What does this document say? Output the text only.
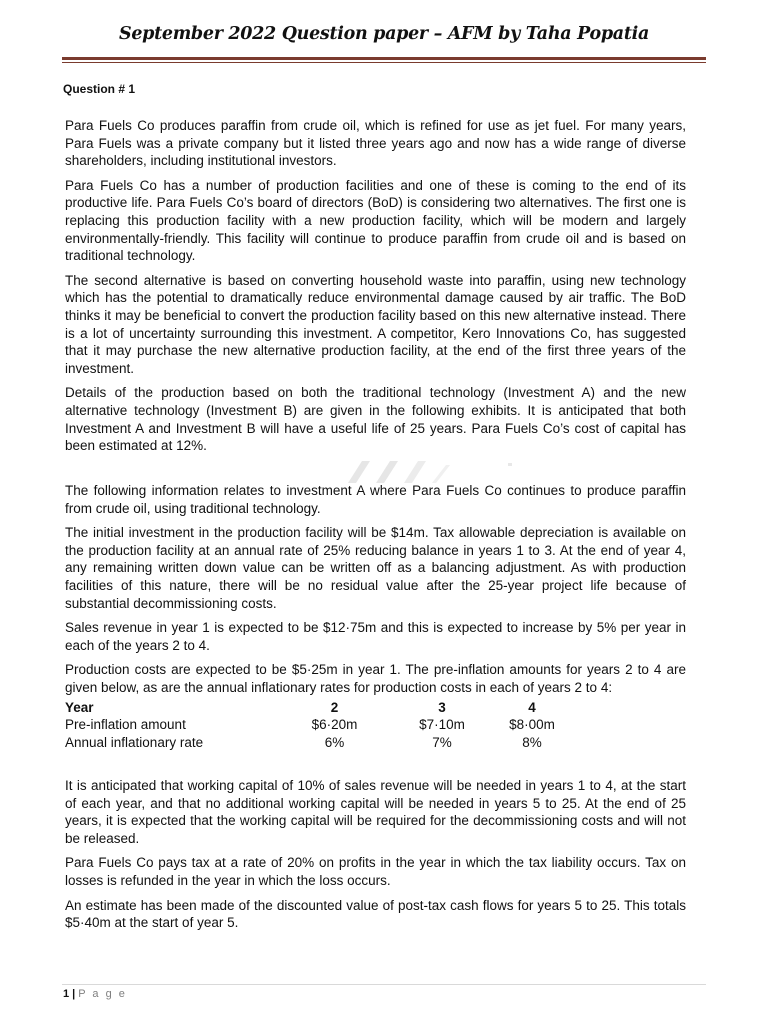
September 2022 Question paper – AFM by Taha Popatia
Question # 1

Para Fuels Co produces paraffin from crude oil, which is refined for use as jet fuel. For many years, Para Fuels was a private company but it listed three years ago and now has a wide range of diverse shareholders, including institutional investors.

Para Fuels Co has a number of production facilities and one of these is coming to the end of its productive life. Para Fuels Co’s board of directors (BoD) is considering two alternatives. The first one is replacing this production facility with a new production facility, which will be modern and largely environmentally-friendly. This facility will continue to produce paraffin from crude oil and is based on traditional technology.

The second alternative is based on converting household waste into paraffin, using new technology which has the potential to dramatically reduce environmental damage caused by air traffic. The BoD thinks it may be beneficial to convert the production facility based on this new alternative instead. There is a lot of uncertainty surrounding this investment. A competitor, Kero Innovations Co, has suggested that it may purchase the new alternative production facility, at the end of the first three years of the investment.

Details of the production based on both the traditional technology (Investment A) and the new alternative technology (Investment B) are given in the following exhibits. It is anticipated that both Investment A and Investment B will have a useful life of 25 years. Para Fuels Co’s cost of capital has been estimated at 12%.

The following information relates to investment A where Para Fuels Co continues to produce paraffin from crude oil, using traditional technology.

The initial investment in the production facility will be $14m. Tax allowable depreciation is available on the production facility at an annual rate of 25% reducing balance in years 1 to 3. At the end of year 4, any remaining written down value can be written off as a balancing adjustment. As with production facilities of this nature, there will be no residual value after the 25-year project life because of substantial decommissioning costs.

Sales revenue in year 1 is expected to be $12·75m and this is expected to increase by 5% per year in each of the years 2 to 4.

Production costs are expected to be $5·25m in year 1. The pre-inflation amounts for years 2 to 4 are given below, as are the annual inflationary rates for production costs in each of years 2 to 4:

Year	2	3	4
Pre-inflation amount	$6·20m	$7·10m	$8·00m
Annual inflationary rate	6%	7%	8%

It is anticipated that working capital of 10% of sales revenue will be needed in years 1 to 4, at the start of each year, and that no additional working capital will be needed in years 5 to 25. At the end of 25 years, it is expected that the working capital will be required for the decommissioning costs and will not be released.

Para Fuels Co pays tax at a rate of 20% on profits in the year in which the tax liability occurs. Tax on losses is refunded in the year in which the loss occurs.

An estimate has been made of the discounted value of post-tax cash flows for years 5 to 25. This totals $5·40m at the start of year 5.

1 | P a g e
